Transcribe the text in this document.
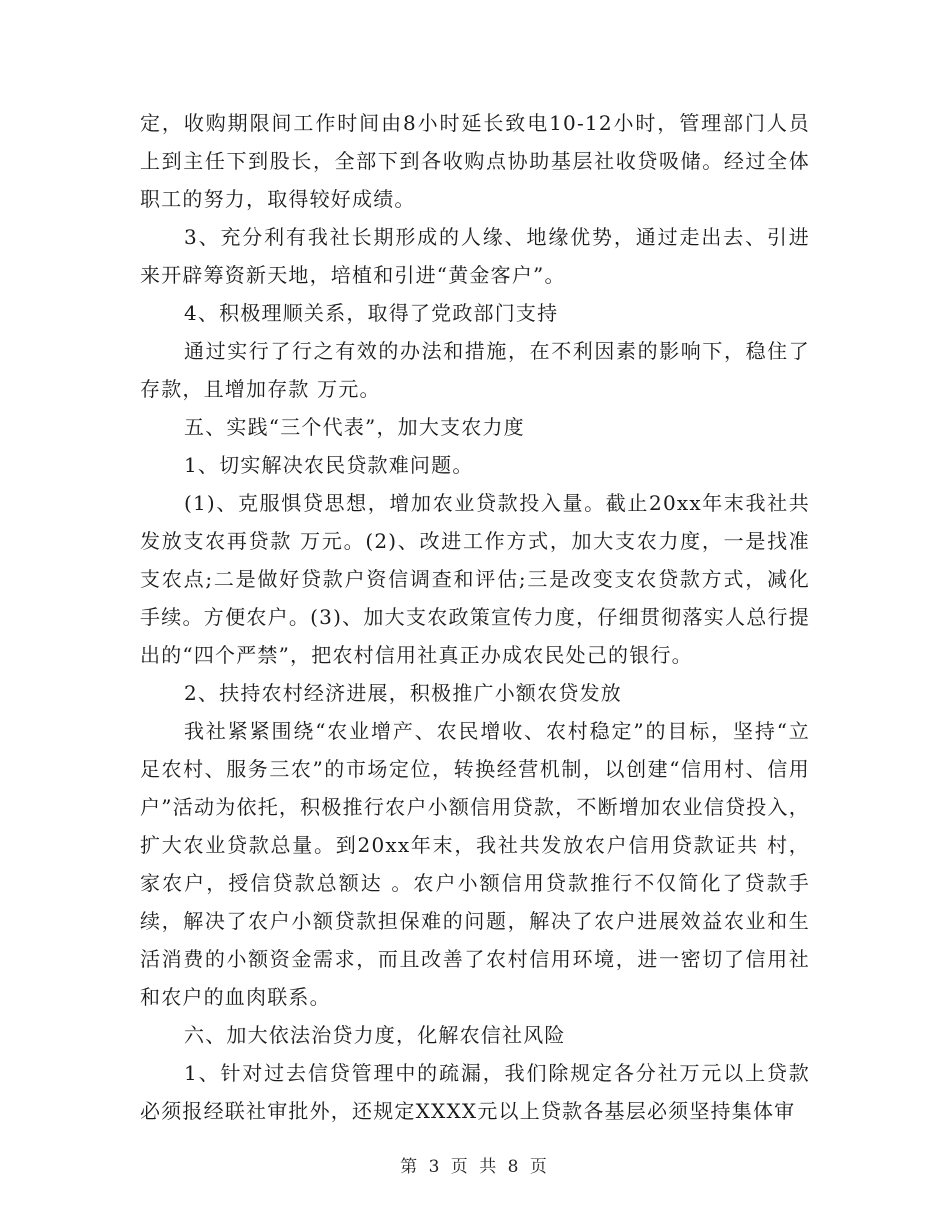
定，收购期限间工作时间由8小时延长致电10-12小时，管理部门人员上到主任下到股长，全部下到各收购点协助基层社收贷吸储。经过全体职工的努力，取得较好成绩。

3、充分利有我社长期形成的人缘、地缘优势，通过走出去、引进来开辟筹资新天地，培植和引进“黄金客户”。

4、积极理顺关系，取得了党政部门支持

通过实行了行之有效的办法和措施，在不利因素的影响下，稳住了存款，且增加存款 万元。

五、实践“三个代表”，加大支农力度

1、切实解决农民贷款难问题。

(1)、克服惧贷思想，增加农业贷款投入量。截止20xx年末我社共发放支农再贷款 万元。(2)、改进工作方式，加大支农力度，一是找准支农点;二是做好贷款户资信调查和评估;三是改变支农贷款方式，减化手续。方便农户。(3)、加大支农政策宣传力度，仔细贯彻落实人总行提出的“四个严禁”，把农村信用社真正办成农民处己的银行。

2、扶持农村经济进展，积极推广小额农贷发放

我社紧紧围绕“农业增产、农民增收、农村稳定”的目标，坚持“立足农村、服务三农”的市场定位，转换经营机制，以创建“信用村、信用户”活动为依托，积极推行农户小额信用贷款，不断增加农业信贷投入，扩大农业贷款总量。到20xx年末，我社共发放农户信用贷款证共 村， 家农户，授信贷款总额达 。农户小额信用贷款推行不仅简化了贷款手续，解决了农户小额贷款担保难的问题，解决了农户进展效益农业和生活消费的小额资金需求，而且改善了农村信用环境，进一密切了信用社和农户的血肉联系。

六、加大依法治贷力度，化解农信社风险

1、针对过去信贷管理中的疏漏，我们除规定各分社万元以上贷款必须报经联社审批外，还规定XXXX元以上贷款各基层必须坚持集体审

第 3 页 共 8 页
